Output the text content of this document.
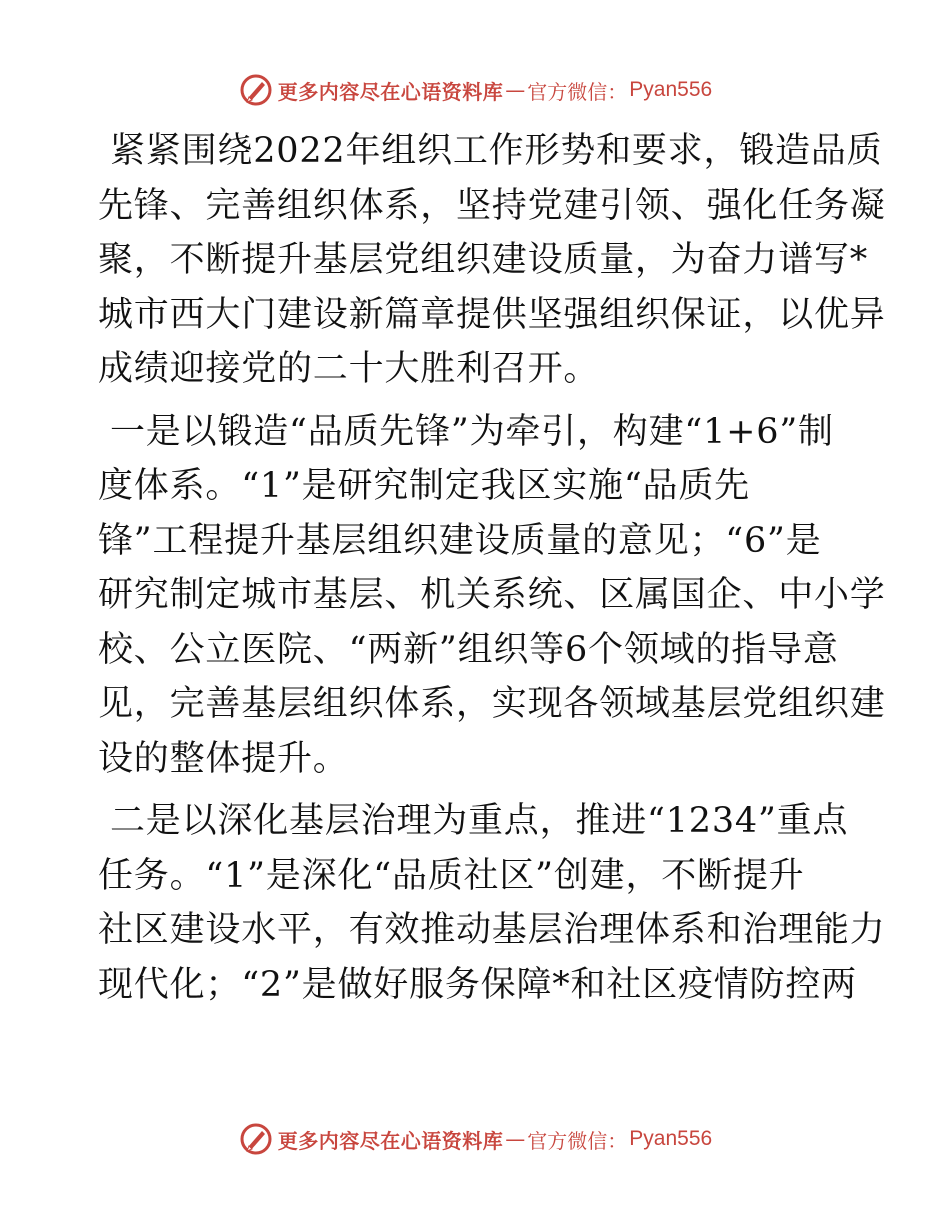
更多内容尽在心语资料库 — 官方微信： Pyan556

紧紧围绕2022年组织工作形势和要求，锻造品质
先锋、完善组织体系，坚持党建引领、强化任务凝
聚，不断提升基层党组织建设质量，为奋力谱写*
城市西大门建设新篇章提供坚强组织保证，以优异
成绩迎接党的二十大胜利召开。

一是以锻造“品质先锋”为牵引，构建“1+6”制
度体系。“1”是研究制定我区实施“品质先
锋”工程提升基层组织建设质量的意见；“6”是
研究制定城市基层、机关系统、区属国企、中小学
校、公立医院、“两新”组织等6个领域的指导意
见，完善基层组织体系，实现各领域基层党组织建
设的整体提升。

二是以深化基层治理为重点，推进“1234”重点
任务。“1”是深化“品质社区”创建，不断提升
社区建设水平，有效推动基层治理体系和治理能力
现代化；“2”是做好服务保障*和社区疫情防控两

更多内容尽在心语资料库 — 官方微信： Pyan556
